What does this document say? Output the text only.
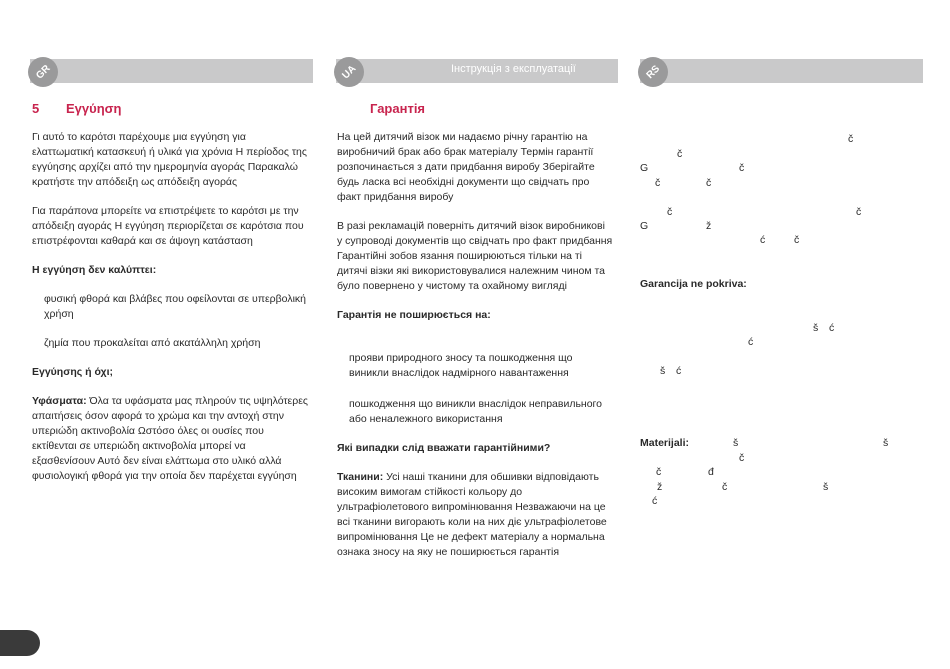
GR	UA	Інструкція з експлуатації	RS
5 Εγγύηση

Γι αυτό το καρότσι παρέχουμε μια εγγύηση για ελαττωματική κατασκευή ή υλικά για χρόνια Η περίοδος της εγγύησης αρχίζει από την ημερομηνία αγοράς Παρακαλώ κρατήστε την απόδειξη ως απόδειξη αγοράς

Για παράπονα μπορείτε να επιστρέψετε το καρότσι με την απόδειξη αγοράς Η εγγύηση περιορίζεται σε καρότσια που επιστρέφονται καθαρά και σε άψογη κατάσταση

Η εγγύηση δεν καλύπτει:

φυσική φθορά και βλάβες που οφείλονται σε υπερβολική χρήση

ζημία που προκαλείται από ακατάλληλη χρήση

Εγγύησης ή όχι;

Υφάσματα: Όλα τα υφάσματα μας πληρούν τις υψηλότερες απαιτήσεις όσον αφορά το χρώμα και την αντοχή στην υπεριώδη ακτινοβολία Ωστόσο όλες οι ουσίες που εκτίθενται σε υπεριώδη ακτινοβολία μπορεί να εξασθενίσουν Αυτό δεν είναι ελάττωμα στο υλικό αλλά φυσιολογική φθορά για την οποία δεν παρέχεται εγγύηση

Гарантія

На цей дитячий візок ми надаємо річну гарантію на виробничий брак або брак матеріалу Термін гарантії розпочинається з дати придбання виробу Зберігайте будь ласка всі необхідні документи що свідчать про факт придбання виробу

В разі рекламацій поверніть дитячий візок виробникові у супроводі документів що свідчать про факт придбання Гарантійні зобов язання поширюються тільки на ті дитячі візки які використовувалися належним чином та було повернено у чистому та охайному вигляді

Гарантія не поширюється на:

прояви природного зносу та пошкодження що виникли внаслідок надмірного навантаження

пошкодження що виникли внаслідок неправильного або неналежного використання

Які випадки слід вважати гарантійними?

Тканини: Усі наші тканини для обшивки відповідають високим вимогам стійкості кольору до ультрафіолетового випромінювання Незважаючи на це всі тканини вигорають коли на них діє ультрафіолетове випромінювання Це не дефект матеріалу а нормальна ознака зносу на яку не поширюється гарантія

č
č
G	č
č	č
č	č
G	ž
ć	č
Garancija ne pokriva:
š ć
ć
š ć
Materijali:	š	š
č
č	đ
ž	č	š
ć
